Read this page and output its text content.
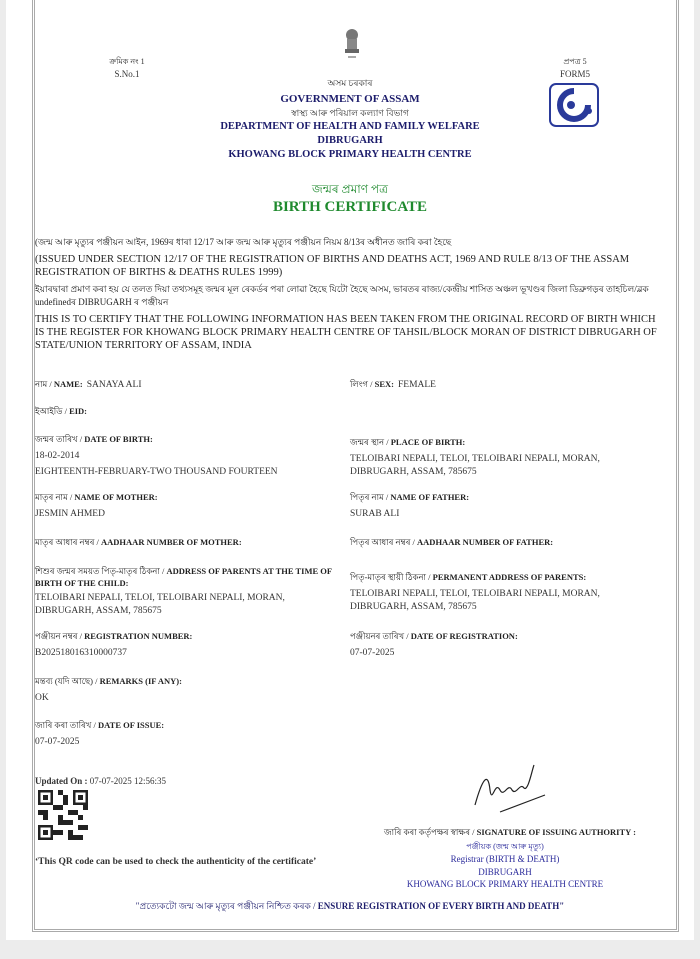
ক্ৰমিক নং 1
S.No.1
প্ৰপত্ৰ 5
FORM5
অসম চৰকাৰ
GOVERNMENT OF ASSAM
স্বাস্থ্য আৰু পৰিয়াল কল্যাণ বিভাগ
DEPARTMENT OF HEALTH AND FAMILY WELFARE
DIBRUGARH
KHOWANG BLOCK PRIMARY HEALTH CENTRE
জন্মৰ প্ৰমাণ পত্ৰ
BIRTH CERTIFICATE
(জন্ম আৰু মৃত্যুৰ পঞ্জীয়ন আইন, 1969ৰ ধাৰা 12/17 আৰু জন্ম আৰু মৃত্যুৰ পঞ্জীয়ন নিয়ম 8/13ৰ অধীনত জাৰি কৰা হৈছে
(ISSUED UNDER SECTION 12/17 OF THE REGISTRATION OF BIRTHS AND DEATHS ACT, 1969 AND RULE 8/13 OF THE ASSAM REGISTRATION OF BIRTHS & DEATHS RULES 1999)
ইয়াৰদ্বাৰা প্ৰমাণ কৰা হয় যে তলত দিয়া তথ্যসমূহ জন্মৰ মূল ৰেকৰ্ডৰ পৰা লোৱা হৈছে যিটো হৈছে অসম, ভাৰতৰ ৰাজ্য/কেন্দ্ৰীয় শাসিত অঞ্চল ভূখণ্ডৰ জিলা ডিব্ৰুগড়ৰ তাহচিল/ব্লক undefinedৰ DIBRUGARH ৰ পঞ্জীয়ন
THIS IS TO CERTIFY THAT THE FOLLOWING INFORMATION HAS BEEN TAKEN FROM THE ORIGINAL RECORD OF BIRTH WHICH IS THE REGISTER FOR KHOWANG BLOCK PRIMARY HEALTH CENTRE OF TAHSIL/BLOCK MORAN OF DISTRICT DIBRUGARH OF STATE/UNION TERRITORY OF ASSAM, INDIA
নাম / NAME: SANAYA ALI	লিংগ / SEX: FEMALE
ইআইডি / EID:
জন্মৰ তাৰিখ / DATE OF BIRTH:
18-02-2014
EIGHTEENTH-FEBRUARY-TWO THOUSAND FOURTEEN
জন্মৰ স্থান / PLACE OF BIRTH:
TELOIBARI NEPALI, TELOI, TELOIBARI NEPALI, MORAN, DIBRUGARH, ASSAM, 785675
মাতৃৰ নাম / NAME OF MOTHER:
JESMIN AHMED
পিতৃৰ নাম / NAME OF FATHER:
SURAB ALI
মাতৃৰ আধাৰ নম্বৰ / AADHAAR NUMBER OF MOTHER:	পিতৃৰ আধাৰ নম্বৰ / AADHAAR NUMBER OF FATHER:
শিশুৰ জন্মৰ সময়ত পিতৃ-মাতৃৰ ঠিকনা / ADDRESS OF PARENTS AT THE TIME OF BIRTH OF THE CHILD:
TELOIBARI NEPALI, TELOI, TELOIBARI NEPALI, MORAN, DIBRUGARH, ASSAM, 785675
পিতৃ-মাতৃৰ স্থায়ী ঠিকনা / PERMANENT ADDRESS OF PARENTS:
TELOIBARI NEPALI, TELOI, TELOIBARI NEPALI, MORAN, DIBRUGARH, ASSAM, 785675
পঞ্জীয়ন নম্বৰ / REGISTRATION NUMBER:
B202518016310000737
পঞ্জীয়নৰ তাৰিখ / DATE OF REGISTRATION:
07-07-2025
মন্তব্য (যদি আছে) / REMARKS (IF ANY):
OK
জাৰি কৰা তাৰিখ / DATE OF ISSUE:
07-07-2025
Updated On : 07-07-2025 12:56:35
‘This QR code can be used to check the authenticity of the certificate’
জাৰি কৰা কৰ্তৃপক্ষৰ স্বাক্ষৰ / SIGNATURE OF ISSUING AUTHORITY :
পঞ্জীয়ক (জন্ম আৰু মৃত্যু)
Registrar (BIRTH & DEATH)
DIBRUGARH
KHOWANG BLOCK PRIMARY HEALTH CENTRE
"প্ৰত্যেকটো জন্ম আৰু মৃত্যুৰ পঞ্জীয়ন নিশ্চিত কৰক / ENSURE REGISTRATION OF EVERY BIRTH AND DEATH"
